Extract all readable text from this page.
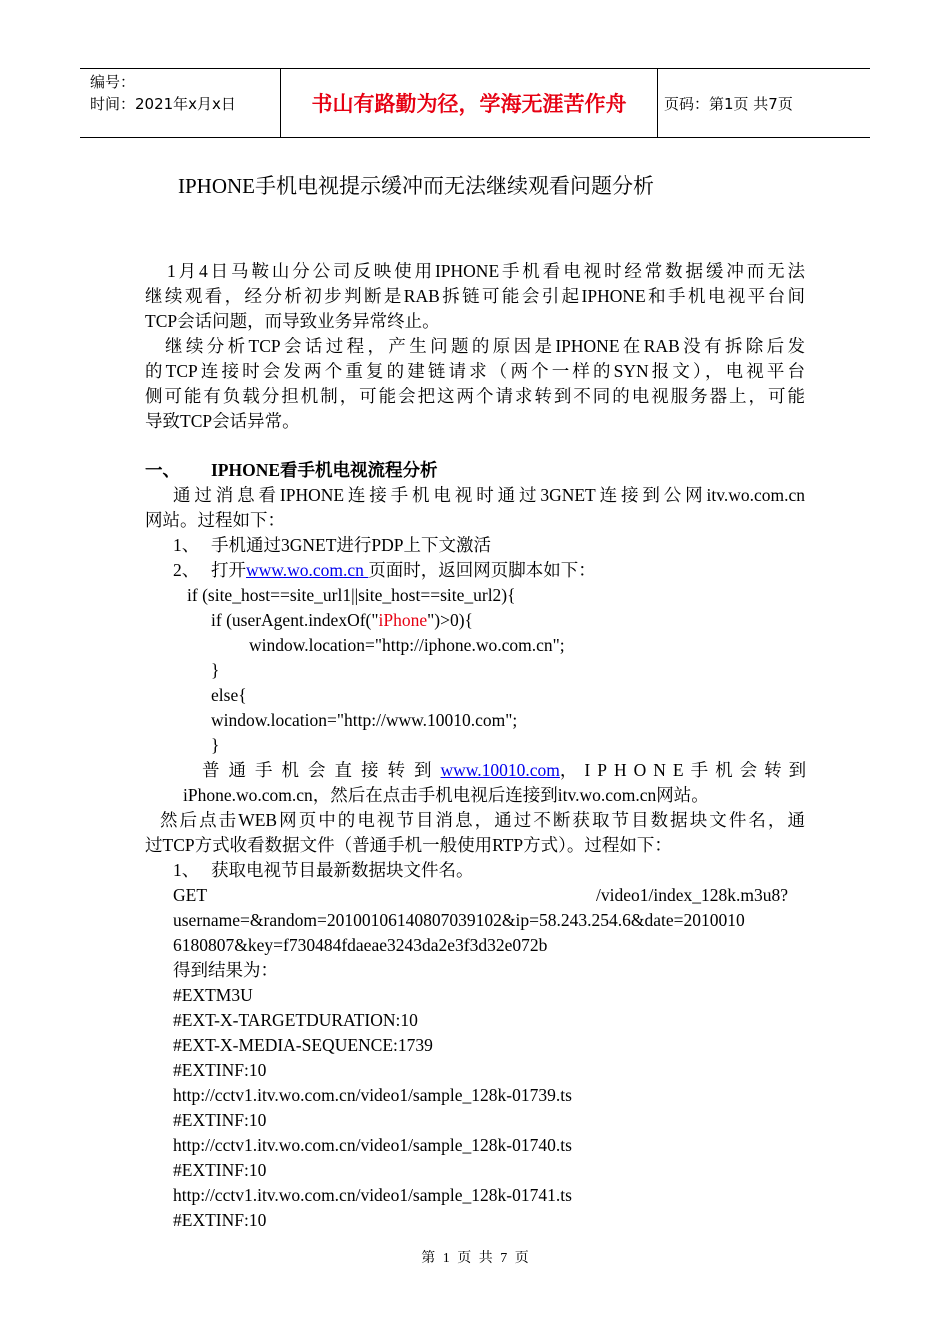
编号：
时间：2021年x月x日	书山有路勤为径，学海无涯苦作舟	页码：第1页 共7页
IPHONE手机电视提示缓冲而无法继续观看问题分析
1月4日马鞍山分公司反映使用IPHONE手机看电视时经常数据缓冲而无法
继续观看，经分析初步判断是RAB拆链可能会引起IPHONE和手机电视平台间
TCP会话问题，而导致业务异常终止。
继续分析TCP会话过程，产生问题的原因是IPHONE在RAB没有拆除后发
的TCP连接时会发两个重复的建链请求（两个一样的SYN报文），电视平台
侧可能有负载分担机制，可能会把这两个请求转到不同的电视服务器上，可能
导致TCP会话异常。
一、 IPHONE看手机电视流程分析
通过消息看IPHONE连接手机电视时通过3GNET连接到公网itv.wo.com.cn
网站。过程如下：
1、 手机通过3GNET进行PDP上下文激活
2、 打开www.wo.com.cn 页面时，返回网页脚本如下：
if (site_host==site_url1||site_host==site_url2){
if (userAgent.indexOf("iPhone")>0){
window.location="http://iphone.wo.com.cn";
}
else{
window.location="http://www.10010.com";
}
普通手机会直接转到 www.10010.com ，IPHONE手机会转到
iPhone.wo.com.cn，然后在点击手机电视后连接到itv.wo.com.cn网站。
然后点击WEB网页中的电视节目消息，通过不断获取节目数据块文件名，通
过TCP方式收看数据文件（普通手机一般使用RTP方式）。过程如下：
1、 获取电视节目最新数据块文件名。
GET	/video1/index_128k.m3u8?
username=&random=20100106140807039102&ip=58.243.254.6&date=2010010
6180807&key=f730484fdaeae3243da2e3f3d32e072b
得到结果为：
#EXTM3U
#EXT-X-TARGETDURATION:10
#EXT-X-MEDIA-SEQUENCE:1739
#EXTINF:10
http://cctv1.itv.wo.com.cn/video1/sample_128k-01739.ts
#EXTINF:10
http://cctv1.itv.wo.com.cn/video1/sample_128k-01740.ts
#EXTINF:10
http://cctv1.itv.wo.com.cn/video1/sample_128k-01741.ts
#EXTINF:10
第 1 页 共 7 页
